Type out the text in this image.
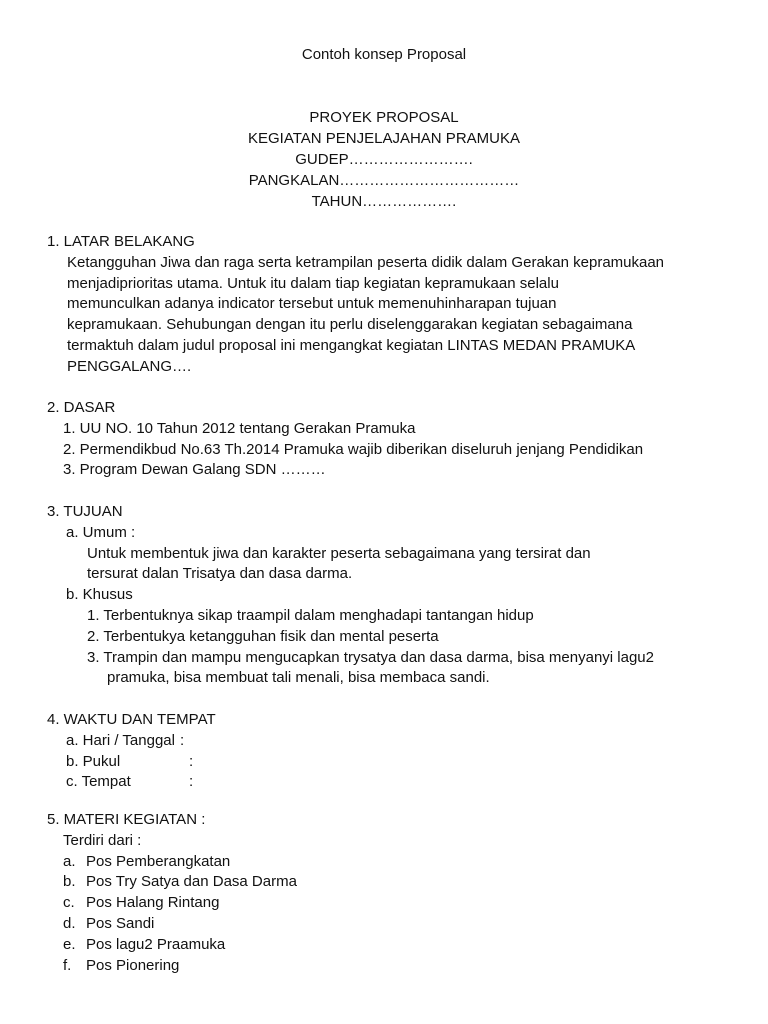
Contoh konsep Proposal
PROYEK PROPOSAL
KEGIATAN PENJELAJAHAN PRAMUKA
GUDEP…………………….
PANGKALAN………………………………
TAHUN……………….
1. LATAR BELAKANG
Ketangguhan Jiwa dan raga serta ketrampilan peserta didik dalam Gerakan kepramukaan
menjadiprioritas utama. Untuk itu dalam tiap kegiatan kepramukaan selalu
memunculkan adanya indicator tersebut untuk memenuhinharapan tujuan
kepramukaan. Sehubungan dengan itu perlu diselenggarakan kegiatan sebagaimana
termaktuh dalam judul proposal ini mengangkat kegiatan LINTAS MEDAN PRAMUKA
PENGGALANG….
2. DASAR
1. UU NO. 10 Tahun 2012 tentang Gerakan Pramuka
2. Permendikbud No.63 Th.2014 Pramuka wajib diberikan diseluruh jenjang Pendidikan
3. Program Dewan Galang SDN ………
3. TUJUAN
a. Umum :
Untuk membentuk jiwa dan karakter peserta sebagaimana yang tersirat dan
tersurat dalan Trisatya dan dasa darma.
b. Khusus
1. Terbentuknya sikap traampil dalam menghadapi tantangan hidup
2. Terbentukya ketangguhan fisik dan mental peserta
3. Trampin dan mampu mengucapkan trysatya dan dasa darma, bisa menyanyi lagu2
pramuka, bisa membuat tali menali, bisa membaca sandi.
4. WAKTU DAN TEMPAT
a. Hari / Tanggal :
b. Pukul	:
c. Tempat	:
5. MATERI KEGIATAN :
Terdiri dari :
a. Pos Pemberangkatan
b. Pos Try Satya dan Dasa Darma
c. Pos Halang Rintang
d. Pos Sandi
e. Pos lagu2 Praamuka
f. Pos Pionering
